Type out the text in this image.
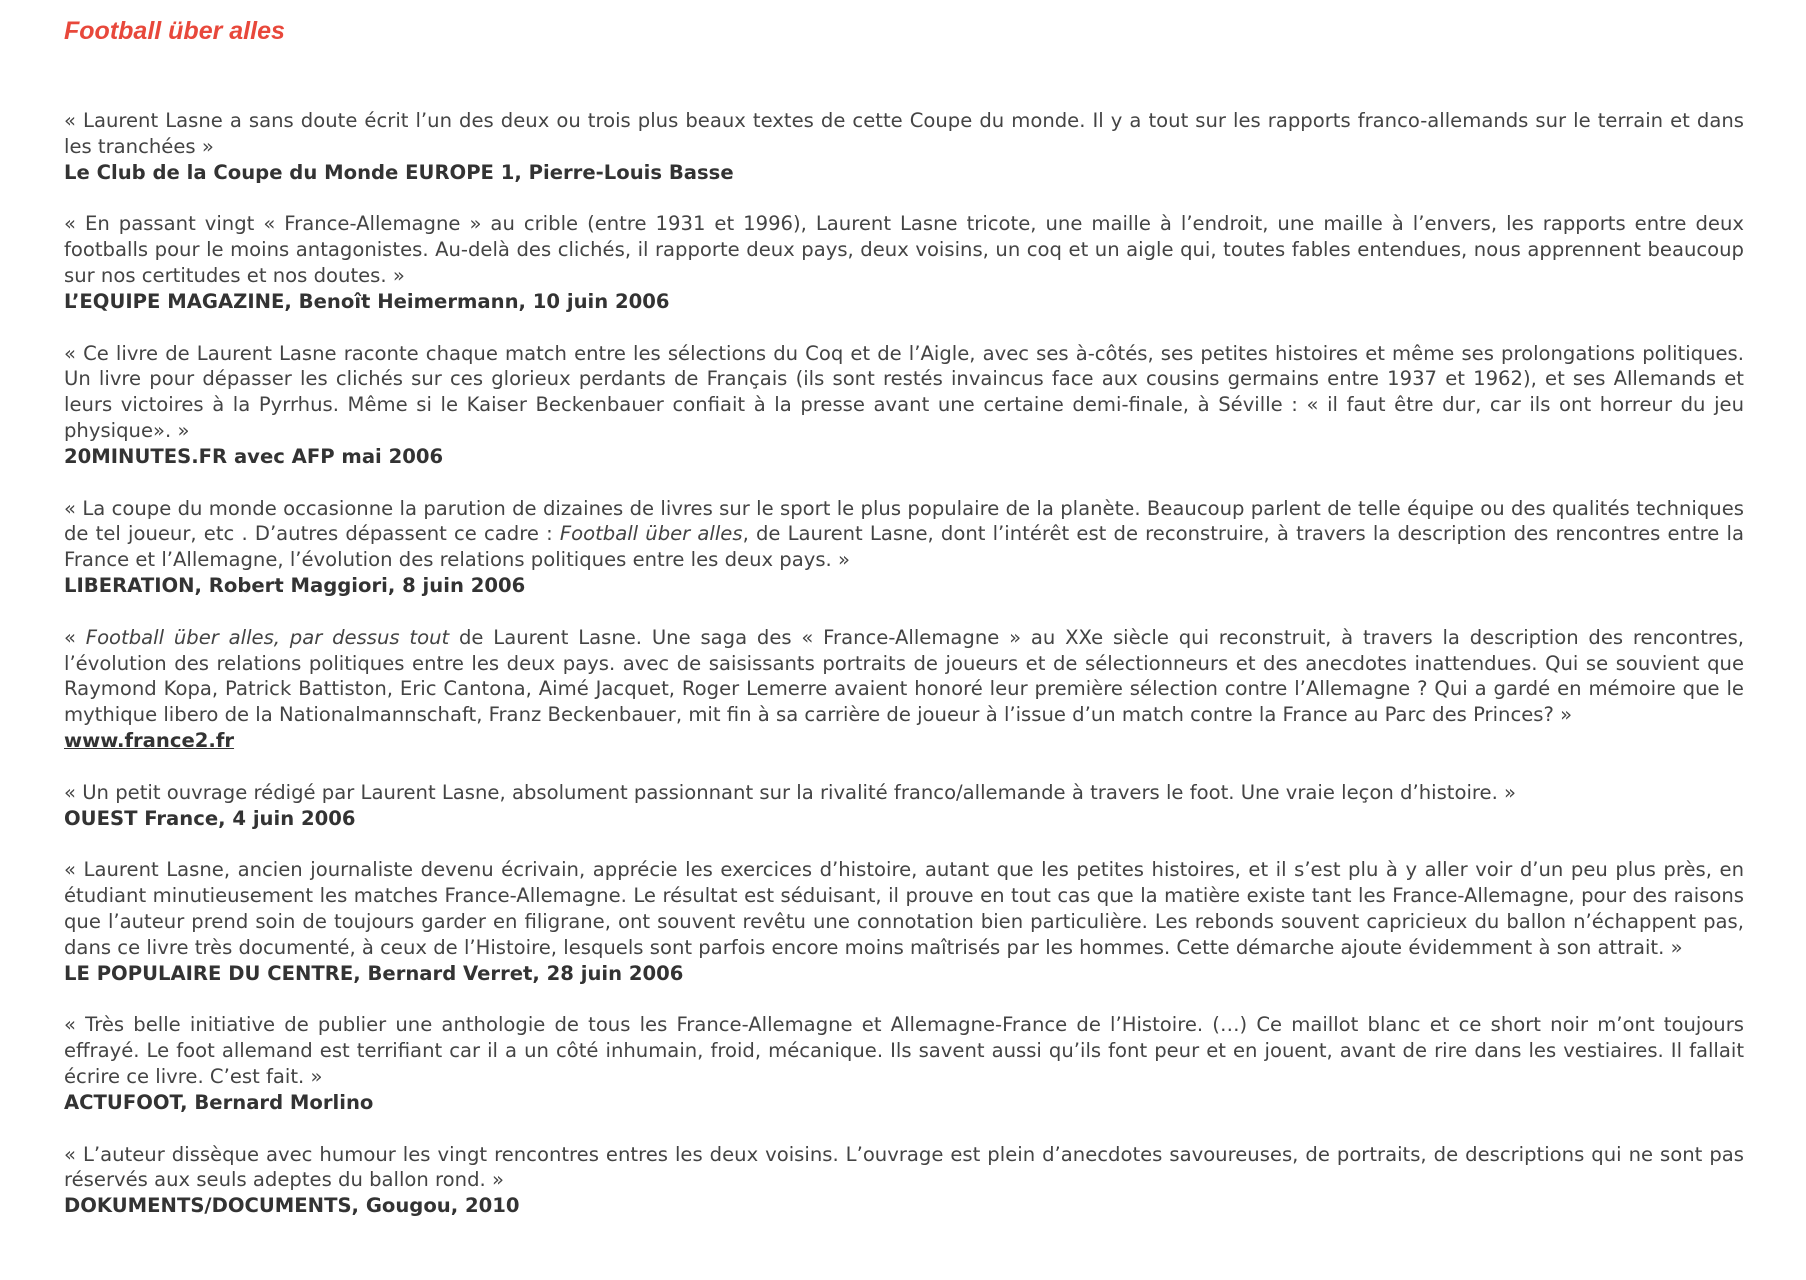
Football über alles

« Laurent Lasne a sans doute écrit l’un des deux ou trois plus beaux textes de cette Coupe du monde. Il y a tout sur les rapports franco-allemands sur le terrain et dans les tranchées »

Le Club de la Coupe du Monde EUROPE 1, Pierre-Louis Basse

« En passant vingt « France-Allemagne » au crible (entre 1931 et 1996), Laurent Lasne tricote, une maille à l’endroit, une maille à l’envers, les rapports entre deux footballs pour le moins antagonistes. Au-delà des clichés, il rapporte deux pays, deux voisins, un coq et un aigle qui, toutes fables entendues, nous apprennent beaucoup sur nos certitudes et nos doutes. »

L’EQUIPE MAGAZINE, Benoît Heimermann, 10 juin 2006

« Ce livre de Laurent Lasne raconte chaque match entre les sélections du Coq et de l’Aigle, avec ses à-côtés, ses petites histoires et même ses prolongations politiques. Un livre pour dépasser les clichés sur ces glorieux perdants de Français (ils sont restés invaincus face aux cousins germains entre 1937 et 1962), et ses Allemands et leurs victoires à la Pyrrhus. Même si le Kaiser Beckenbauer confiait à la presse avant une certaine demi-finale, à Séville : « il faut être dur, car ils ont horreur du jeu physique». »

20MINUTES.FR avec AFP mai 2006

« La coupe du monde occasionne la parution de dizaines de livres sur le sport le plus populaire de la planète. Beaucoup parlent de telle équipe ou des qualités techniques de tel joueur, etc . D’autres dépassent ce cadre : Football über alles, de Laurent Lasne, dont l’intérêt est de reconstruire, à travers la description des rencontres entre la France et l’Allemagne, l’évolution des relations politiques entre les deux pays. »

LIBERATION, Robert Maggiori, 8 juin 2006

« Football über alles, par dessus tout de Laurent Lasne. Une saga des « France-Allemagne » au XXe siècle qui reconstruit, à travers la description des rencontres, l’évolution des relations politiques entre les deux pays. avec de saisissants portraits de joueurs et de sélectionneurs et des anecdotes inattendues. Qui se souvient que Raymond Kopa, Patrick Battiston, Eric Cantona, Aimé Jacquet, Roger Lemerre avaient honoré leur première sélection contre l’Allemagne ? Qui a gardé en mémoire que le mythique libero de la Nationalmannschaft, Franz Beckenbauer, mit fin à sa carrière de joueur à l’issue d’un match contre la France au Parc des Princes? »

www.france2.fr

« Un petit ouvrage rédigé par Laurent Lasne, absolument passionnant sur la rivalité franco/allemande à travers le foot. Une vraie leçon d’histoire. »

OUEST France, 4 juin 2006

« Laurent Lasne, ancien journaliste devenu écrivain, apprécie les exercices d’histoire, autant que les petites histoires, et il s’est plu à y aller voir d’un peu plus près, en étudiant minutieusement les matches France-Allemagne. Le résultat est séduisant, il prouve en tout cas que la matière existe tant les France-Allemagne, pour des raisons que l’auteur prend soin de toujours garder en filigrane, ont souvent revêtu une connotation bien particulière. Les rebonds souvent capricieux du ballon n’échappent pas, dans ce livre très documenté, à ceux de l’Histoire, lesquels sont parfois encore moins maîtrisés par les hommes. Cette démarche ajoute évidemment à son attrait. »

LE POPULAIRE DU CENTRE, Bernard Verret, 28 juin 2006

« Très belle initiative de publier une anthologie de tous les France-Allemagne et Allemagne-France de l’Histoire. (…) Ce maillot blanc et ce short noir m’ont toujours effrayé. Le foot allemand est terrifiant car il a un côté inhumain, froid, mécanique. Ils savent aussi qu’ils font peur et en jouent, avant de rire dans les vestiaires. Il fallait écrire ce livre. C’est fait. »

ACTUFOOT, Bernard Morlino

« L’auteur dissèque avec humour les vingt rencontres entres les deux voisins. L’ouvrage est plein d’anecdotes savoureuses, de portraits, de descriptions qui ne sont pas réservés aux seuls adeptes du ballon rond. »

DOKUMENTS/DOCUMENTS, Gougou, 2010
